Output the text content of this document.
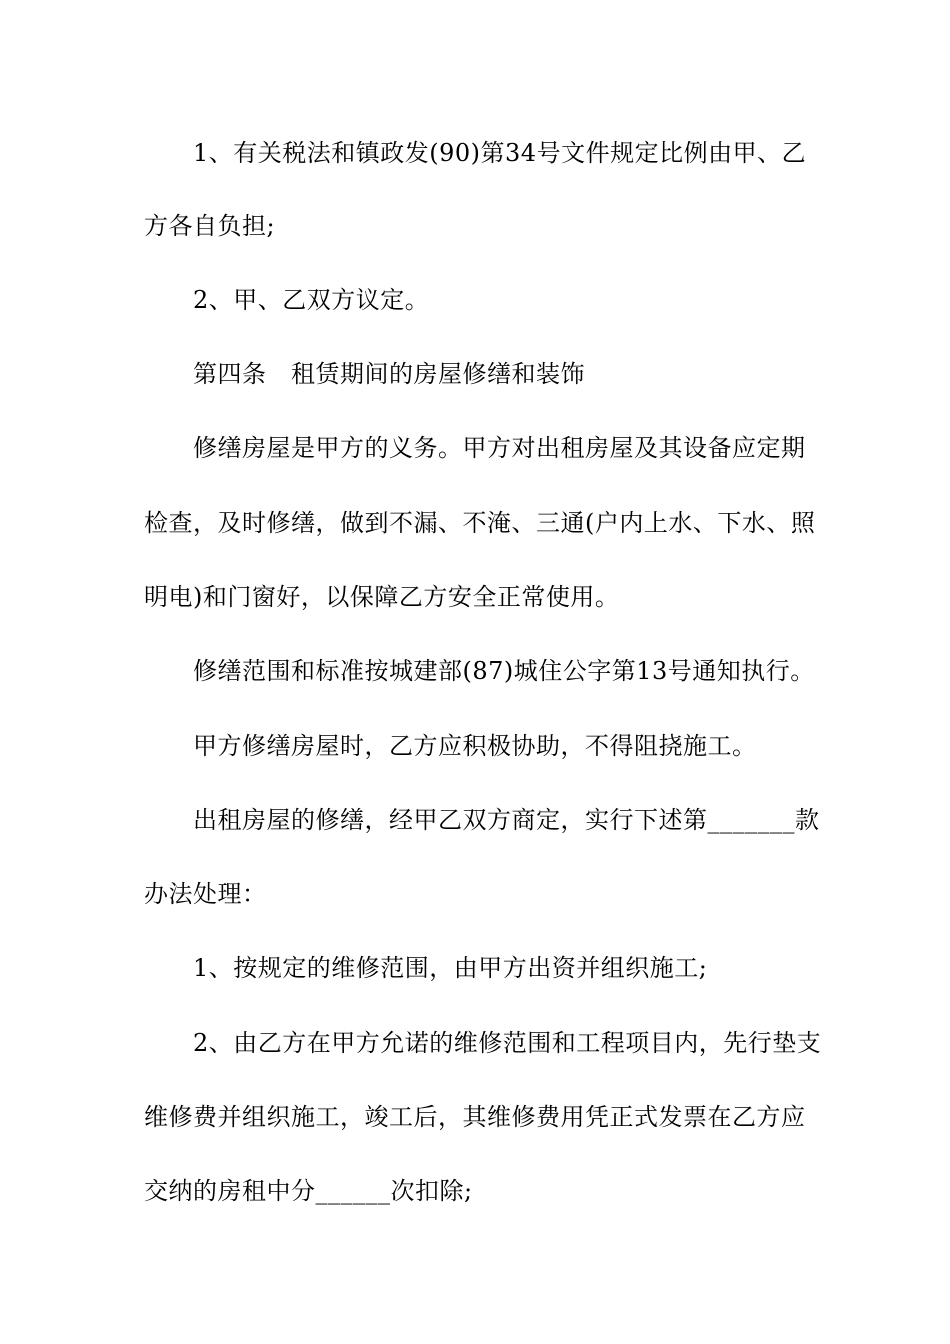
1、有关税法和镇政发(90)第34号文件规定比例由甲、乙
方各自负担;
2、甲、乙双方议定。
第四条　租赁期间的房屋修缮和装饰
修缮房屋是甲方的义务。甲方对出租房屋及其设备应定期
检查，及时修缮，做到不漏、不淹、三通(户内上水、下水、照
明电)和门窗好，以保障乙方安全正常使用。
修缮范围和标准按城建部(87)城住公字第13号通知执行。
甲方修缮房屋时，乙方应积极协助，不得阻挠施工。
出租房屋的修缮，经甲乙双方商定，实行下述第_______款
办法处理：
1、按规定的维修范围，由甲方出资并组织施工;
2、由乙方在甲方允诺的维修范围和工程项目内，先行垫支
维修费并组织施工，竣工后，其维修费用凭正式发票在乙方应
交纳的房租中分______次扣除;
